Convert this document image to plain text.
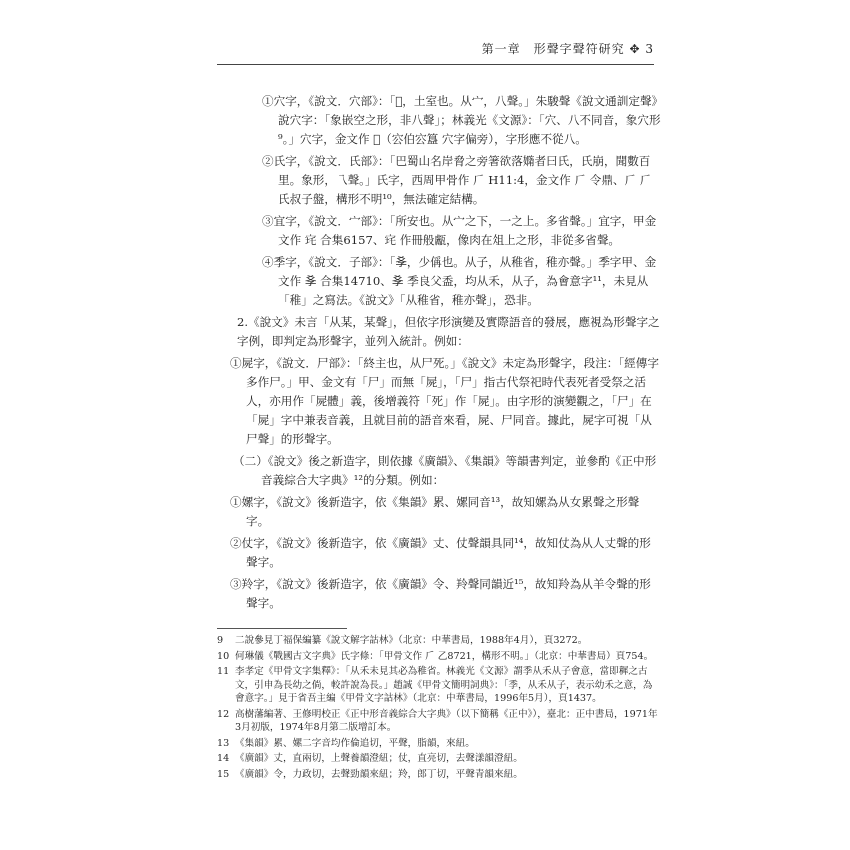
第一章　形聲字聲符研究 ✥ 3

①穴字，《說文．穴部》：「𡧑，土室也。从宀，八聲。」朱駿聲《說文通訓定聲》說穴字：「象嵌空之形，非八聲」；林義光《文源》：「穴、八不同音，象穴形⁹。」穴字，金文作 𠔾（㝐伯㝐簋 穴字偏旁），字形應不從八。

②氏字，《說文．氏部》：「巴蜀山名岸脅之旁箸欲落嫷者曰氏，氏崩，聞數百里。象形，乁聲。」氏字，西周甲骨作 𠂆 H11:4，金文作 𠂆 令鼎、𠂆 𠂆氏叔子盤，構形不明¹⁰，無法確定結構。

③宜字，《說文．宀部》：「所安也。从宀之下，一之上。多省聲。」宜字，甲金文作 𡧪 合集6157、𡧪 作冊般甗，像肉在俎上之形，非從多省聲。

④季字，《說文．子部》：「𡥈，少偁也。从子，从稚省，稚亦聲。」季字甲、金文作 𡥈 合集14710、𡥈 季良父盉，均从禾，从子，為會意字¹¹，未見从「稚」之寫法。《說文》「从稚省，稚亦聲」，恐非。

2.《說文》未言「从某，某聲」，但依字形演變及實際語音的發展，應視為形聲字之字例，即判定為形聲字，並列入統計。例如：

①屍字，《說文．尸部》：「終主也，从尸死。」《說文》未定為形聲字，段注：「經傳字多作尸。」甲、金文有「尸」而無「屍」，「尸」指古代祭祀時代表死者受祭之活人，亦用作「屍體」義，後增義符「死」作「屍」。由字形的演變觀之，「尸」在「屍」字中兼表音義，且就目前的語音來看，屍、尸同音。據此，屍字可視「从尸聲」的形聲字。

（二）《說文》後之新造字，則依據《廣韻》、《集韻》等韻書判定，並參酌《正中形音義綜合大字典》¹²的分類。例如：

①嫘字，《說文》後新造字，依《集韻》累、嫘同音¹³，故知嫘為从女累聲之形聲字。

②仗字，《說文》後新造字，依《廣韻》丈、仗聲韻具同¹⁴，故知仗為从人丈聲的形聲字。

③羚字，《說文》後新造字，依《廣韻》令、羚聲同韻近¹⁵，故知羚為从羊令聲的形聲字。

9 二說參見丁福保編纂《說文解字詁林》（北京：中華書局，1988年4月），頁3272。

10 何琳儀《戰國古文字典》氏字條：「甲骨文作 𠂆 乙8721，構形不明。」（北京：中華書局）頁754。

11 李孝定《甲骨文字集釋》：「从禾未見其必為稚省。林義光《文源》謂季从禾从子會意，當即穉之古文，引申為長幼之倘，較許說為長。」趙誠《甲骨文簡明詞典》：「季，从禾从子，表示幼禾之意，為會意字。」見于省吾主編《甲骨文字詁林》（北京：中華書局，1996年5月），頁1437。

12 高樹藩編著、王修明校正《正中形音義綜合大字典》（以下簡稱《正中》），臺北：正中書局，1971年3月初版，1974年8月第二版增訂本。

13 《集韻》累、嫘二字音均作倫追切，平聲，脂韻，來紐。

14 《廣韻》丈，直兩切，上聲養韻澄紐；仗，直亮切，去聲漾韻澄紐。

15 《廣韻》令，力政切，去聲勁韻來紐；羚，郎丁切，平聲青韻來紐。
